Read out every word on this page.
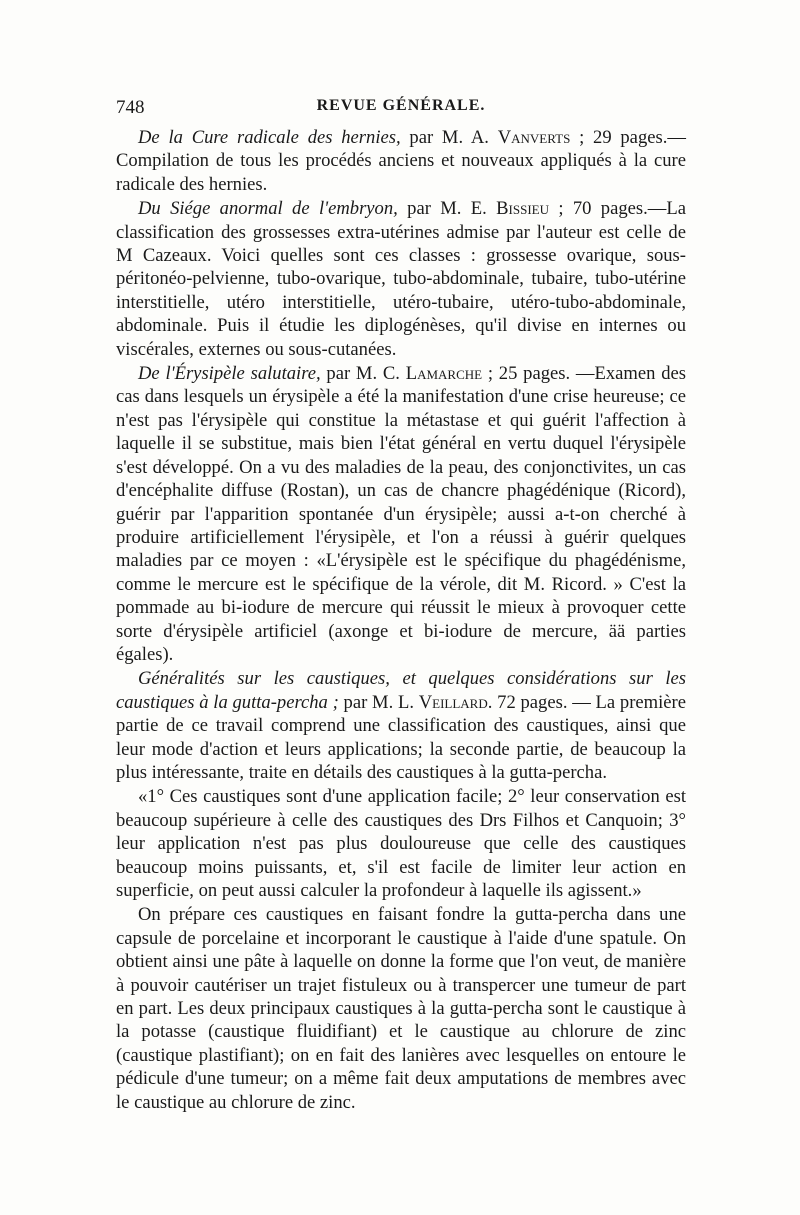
748	REVUE GÉNÉRALE.

De la Cure radicale des hernies, par M. A. Vanverts ; 29 pages.—Compilation de tous les procédés anciens et nouveaux appliqués à la cure radicale des hernies.

Du Siége anormal de l'embryon, par M. E. Bissieu ; 70 pages.—La classification des grossesses extra-utérines admise par l'auteur est celle de M Cazeaux. Voici quelles sont ces classes : grossesse ovarique, sous-péritonéo-pelvienne, tubo-ovarique, tubo-abdominale, tubaire, tubo-utérine interstitielle, utéro interstitielle, utéro-tubaire, utéro-tubo-abdominale, abdominale. Puis il étudie les diplogénèses, qu'il divise en internes ou viscérales, externes ou sous-cutanées.

De l'Érysipèle salutaire, par M. C. Lamarche ; 25 pages. —Examen des cas dans lesquels un érysipèle a été la manifestation d'une crise heureuse; ce n'est pas l'érysipèle qui constitue la métastase et qui guérit l'affection à laquelle il se substitue, mais bien l'état général en vertu duquel l'érysipèle s'est développé. On a vu des maladies de la peau, des conjonctivites, un cas d'encéphalite diffuse (Rostan), un cas de chancre phagédénique (Ricord), guérir par l'apparition spontanée d'un érysipèle; aussi a-t-on cherché à produire artificiellement l'érysipèle, et l'on a réussi à guérir quelques maladies par ce moyen : «L'érysipèle est le spécifique du phagédénisme, comme le mercure est le spécifique de la vérole, dit M. Ricord. » C'est la pommade au bi-iodure de mercure qui réussit le mieux à provoquer cette sorte d'érysipèle artificiel (axonge et bi-iodure de mercure, ää parties égales).

Généralités sur les caustiques, et quelques considérations sur les caustiques à la gutta-percha ; par M. L. Veillard. 72 pages. — La première partie de ce travail comprend une classification des caustiques, ainsi que leur mode d'action et leurs applications; la seconde partie, de beaucoup la plus intéressante, traite en détails des caustiques à la gutta-percha.

«1° Ces caustiques sont d'une application facile; 2° leur conservation est beaucoup supérieure à celle des caustiques des Drs Filhos et Canquoin; 3° leur application n'est pas plus douloureuse que celle des caustiques beaucoup moins puissants, et, s'il est facile de limiter leur action en superficie, on peut aussi calculer la profondeur à laquelle ils agissent.»

On prépare ces caustiques en faisant fondre la gutta-percha dans une capsule de porcelaine et incorporant le caustique à l'aide d'une spatule. On obtient ainsi une pâte à laquelle on donne la forme que l'on veut, de manière à pouvoir cautériser un trajet fistuleux ou à transpercer une tumeur de part en part. Les deux principaux caustiques à la gutta-percha sont le caustique à la potasse (caustique fluidifiant) et le caustique au chlorure de zinc (caustique plastifiant); on en fait des lanières avec lesquelles on entoure le pédicule d'une tumeur; on a même fait deux amputations de membres avec le caustique au chlorure de zinc.
